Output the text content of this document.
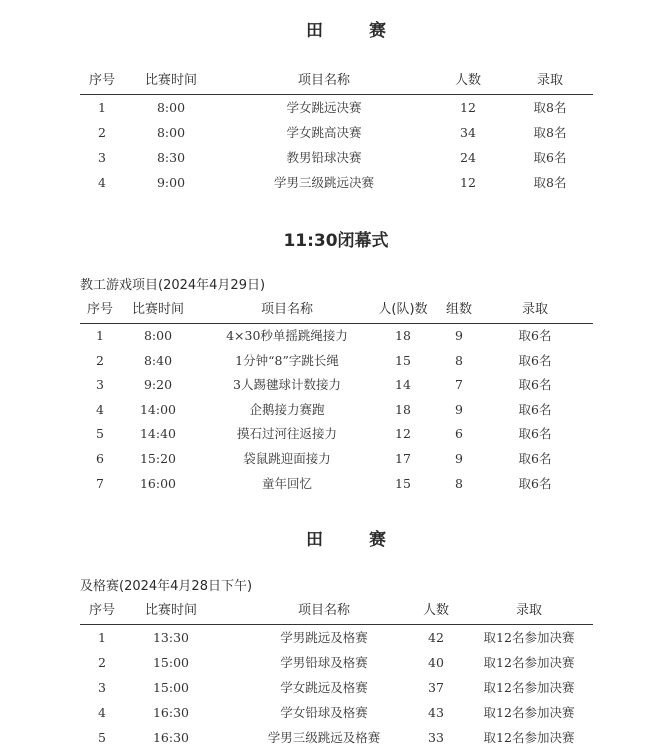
田 赛
序号	比赛时间	项目名称	人数	录取
1	8:00	学女跳远决赛	12	取8名
2	8:00	学女跳高决赛	34	取8名
3	8:30	教男铅球决赛	24	取6名
4	9:00	学男三级跳远决赛	12	取8名
11:30闭幕式
教工游戏项目(2024年4月29日)
序号	比赛时间	项目名称	人(队)数	组数	录取
1	8:00	4×30秒单摇跳绳接力	18	9	取6名
2	8:40	1分钟“8”字跳长绳	15	8	取6名
3	9:20	3人踢毽球计数接力	14	7	取6名
4	14:00	企鹅接力赛跑	18	9	取6名
5	14:40	摸石过河往返接力	12	6	取6名
6	15:20	袋鼠跳迎面接力	17	9	取6名
7	16:00	童年回忆	15	8	取6名
田 赛
及格赛(2024年4月28日下午)
序号	比赛时间	项目名称	人数	录取
1	13:30	学男跳远及格赛	42	取12名参加决赛
2	15:00	学男铅球及格赛	40	取12名参加决赛
3	15:00	学女跳远及格赛	37	取12名参加决赛
4	16:30	学女铅球及格赛	43	取12名参加决赛
5	16:30	学男三级跳远及格赛	33	取12名参加决赛
